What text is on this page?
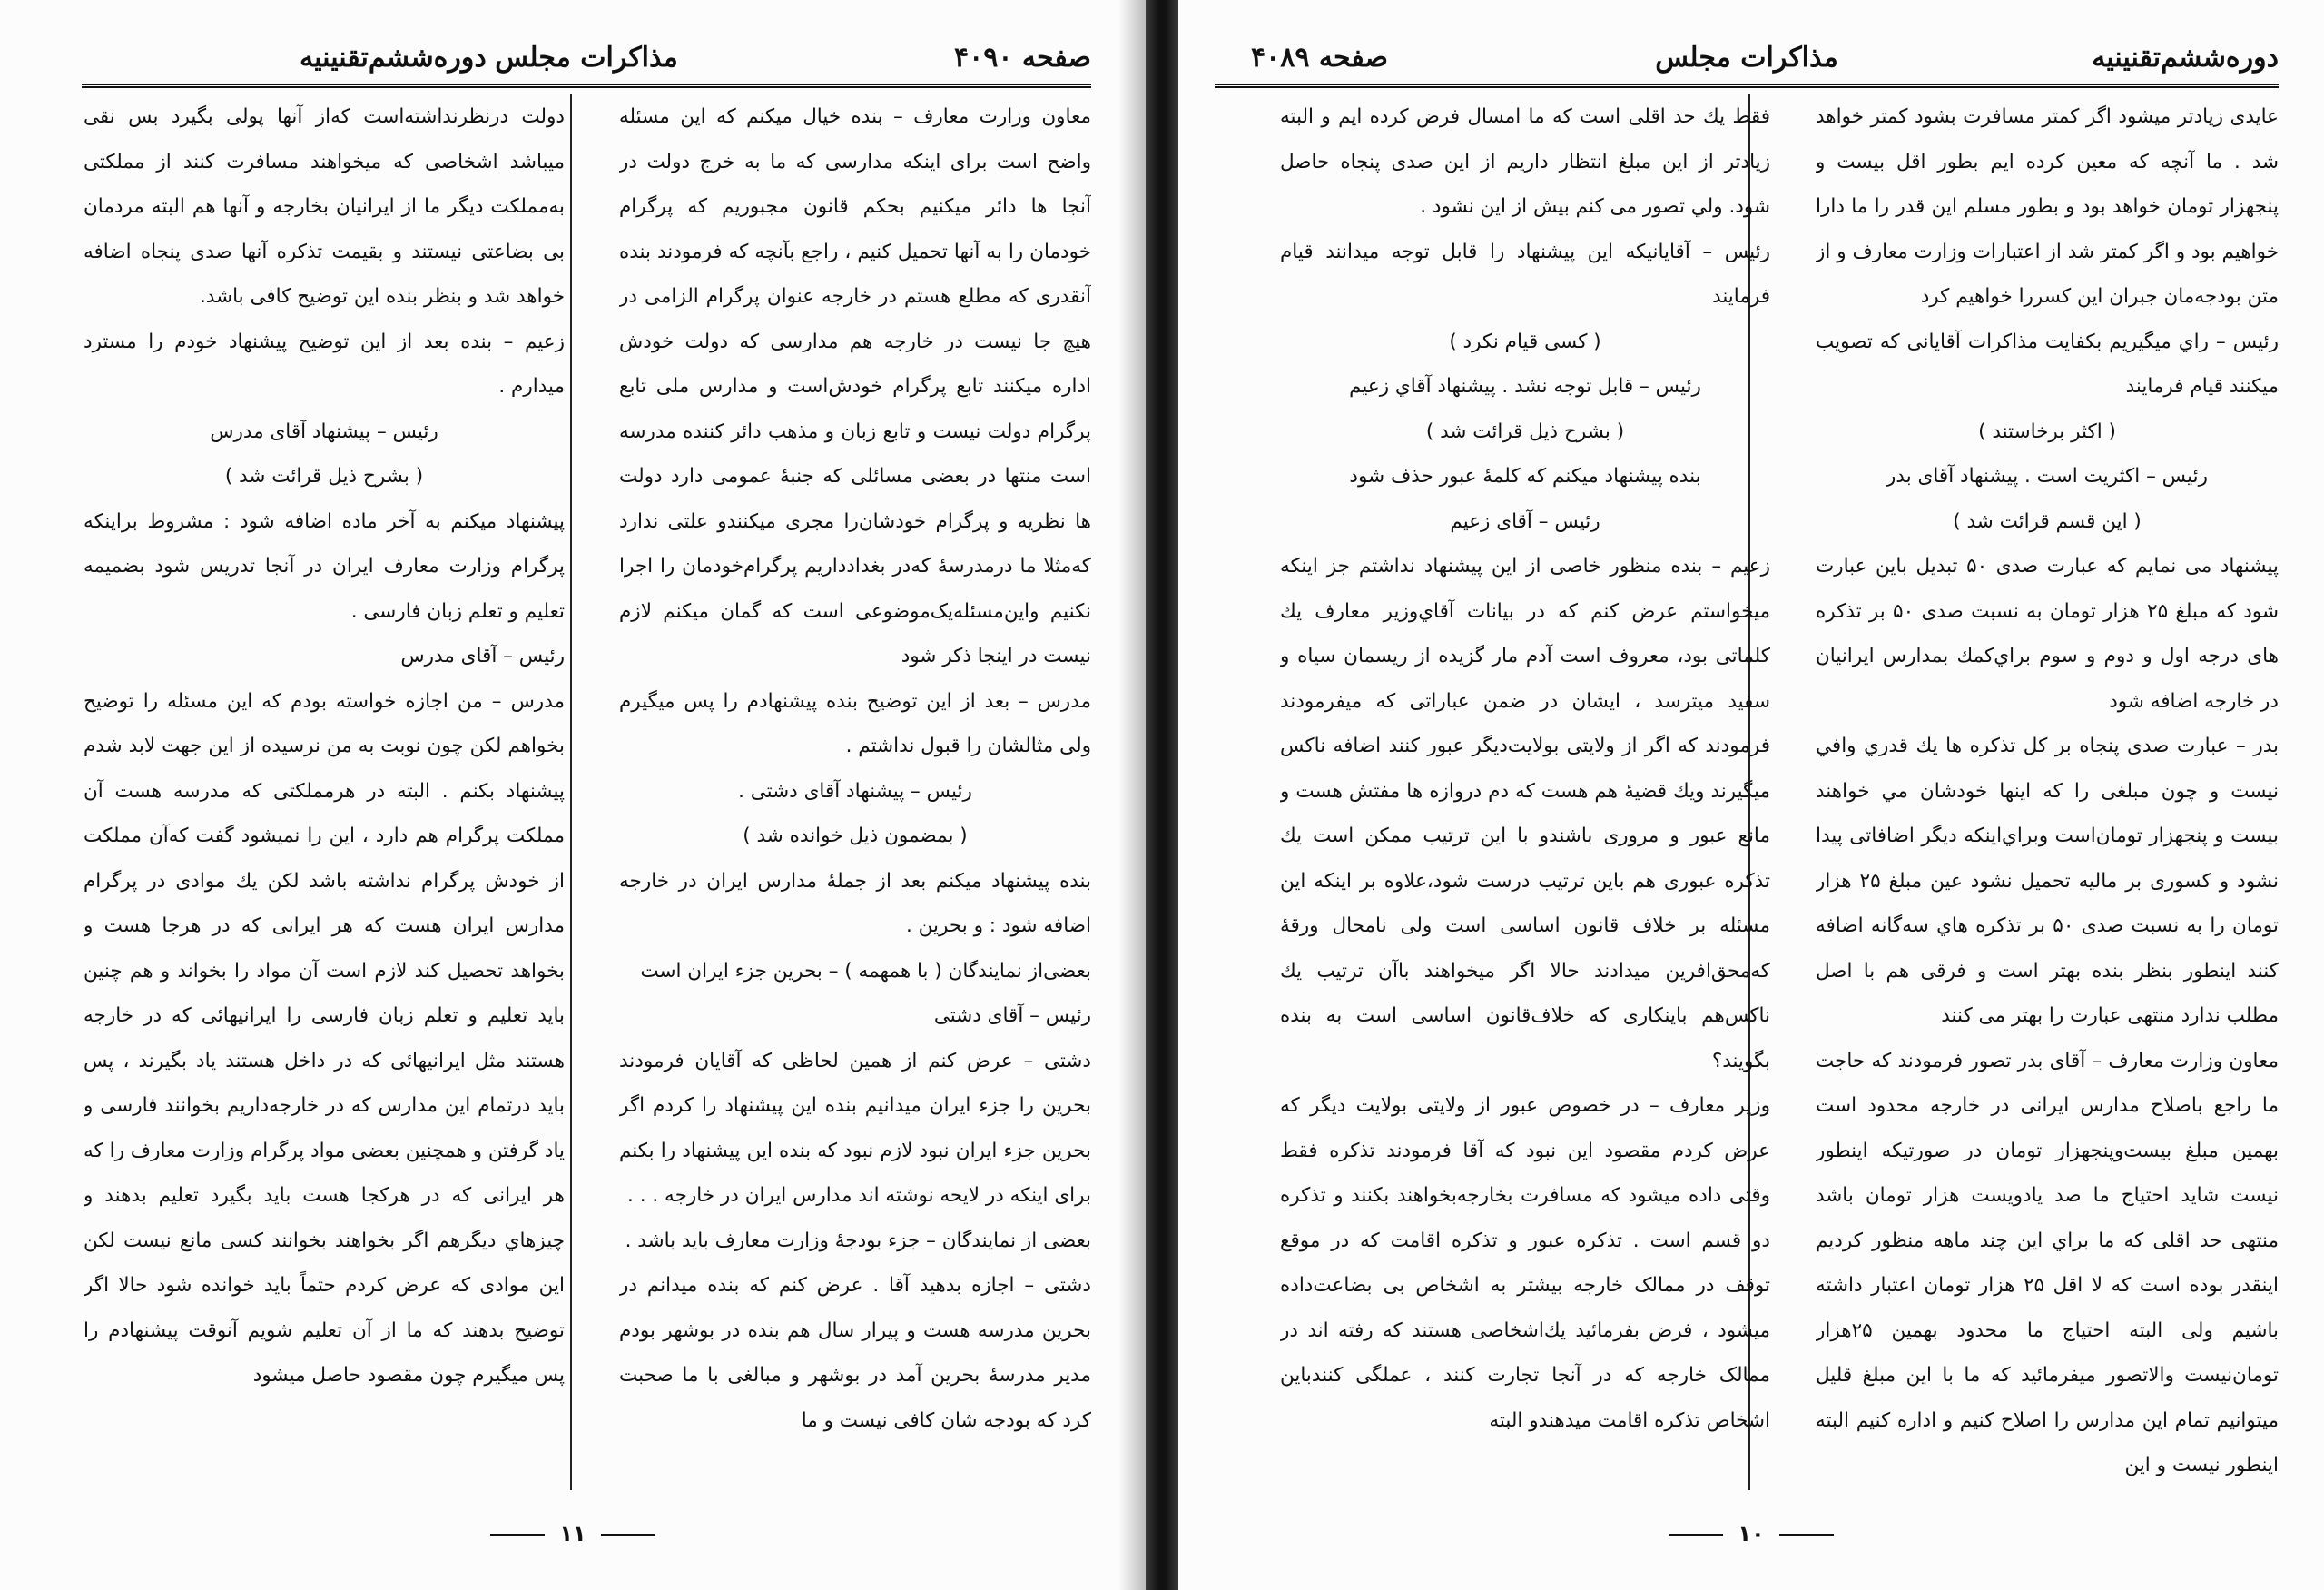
صفحه ۴۰۹۰
مذاکرات مجلس
دوره‌ششم‌تقنینیه

معاون وزارت معارف – بنده خیال میکنم که این مسئله واضح است برای اینکه مدارسی که ما به خرج دولت در آنجا ها دائر میکنیم بحکم قانون مجبوریم که پرگرام خودمان را به آنها تحمیل کنیم ، راجع بآنچه که فرمودند بنده آنقدری که مطلع هستم در خارجه عنوان پرگرام الزامی در هیچ جا نیست در خارجه هم مدارسی که دولت خودش اداره میکنند تابع پرگرام خودش‌است و مدارس ملی تابع پرگرام دولت نیست و تابع زبان و مذهب دائر کننده مدرسه است منتها در بعضی مسائلی که جنبهٔ عمومی دارد دولت ها نظریه و پرگرام خودشان‌را مجری میکنند‌و علتی ندارد که‌مثلا ما در‌مدرسهٔ که‌در بغداد‌داریم پرگرام‌خودمان را اجرا نکنیم و‌این‌مسئله‌یک‌موضوعی است که گمان میکنم لازم نیست در اینجا ذکر شود

مدرس – بعد از این توضیح بنده پیشنهادم را پس میگیرم ولی مثالشان را قبول نداشتم .

رئیس – پیشنهاد آقای دشتی .

( بمضمون ذیل خوانده شد )

بنده پیشنهاد میکنم بعد از جملهٔ مدارس ایران در خارجه اضافه شود : و بحرین .

بعضی‌از نمایندگان ( با همهمه ) – بحرین جزء ایران است

رئیس – آقای دشتی

دشتی – عرض کنم از همین لحاظی که آقایان فرمودند بحرین را جزء ایران میدانیم بنده این پیشنهاد را کردم اگر بحرین جزء ایران نبود لازم نبود که بنده این پیشنهاد را بکنم برای اینکه در لایحه نوشته اند مدارس ایران در خارجه . . .

بعضی از نمایندگان – جزء بودجهٔ وزارت معارف باید باشد .

دشتی – اجازه بدهید آقا . عرض کنم که بنده میدانم در بحرین مدرسه هست و پیرار سال هم بنده در بوشهر بودم مدیر مدرسهٔ بحرین آمد در بوشهر و مبالغی با ما صحبت کرد که بودجه شان کافی نیست و ما

دولت در‌نظر‌نداشته‌است که‌از آنها پولی بگیرد‌ بس ‌نقی میباشد اشخاصی که میخواهند مسافرت کنند از مملکتی به‌مملکت دیگر ما از ایرانیان بخارجه و آنها هم البته مردمان بی بضاعتی نیستند و بقیمت تذکره آنها صدی پنجاه اضافه خواهد شد و بنظر بنده این توضیح کافی باشد.

زعیم – بنده بعد از این توضیح پیشنهاد خودم را مسترد میدارم .

رئیس – پیشنهاد آقای مدرس

( بشرح ذیل قرائت شد )

پیشنهاد میکنم به آخر ماده اضافه شود : مشروط براینکه پرگرام وزارت معارف ایران در آنجا تدریس شود بضمیمه تعلیم و تعلم زبان فارسی .

رئیس – آقای مدرس

مدرس – من اجازه خواسته بودم که این مسئله را توضیح بخواهم لکن چون نوبت به من نرسیده از این جهت لابد شدم پیشنهاد بکنم . البته در هرمملکتی که مدرسه هست آن مملکت پرگرام هم دارد ، این را نمیشود گفت که‌آن مملکت از خودش پرگرام نداشته باشد لکن یك موادی در پرگرام مدارس ایران هست که هر ایرانی که در هرجا هست و بخواهد تحصیل کند لازم است آن مواد را بخواند و هم چنین باید تعلیم و تعلم زبان فارسی را ایرانیهائی که در خارجه هستند مثل ایرانیهائی که در داخل هستند یاد بگیرند ، پس باید در‌تمام این مدارس که در خارجه‌داریم بخوانند فارسی و یاد گرفتن و همچنین بعضی مواد پرگرام وزارت معارف را که هر ایرانی که در هرکجا هست باید بگیرد تعلیم بدهند و چیزهاي دیگرهم اگر بخواهند بخوانند کسی مانع نیست لکن این موادی که عرض کردم حتماً باید خوانده شود حالا اگر توضیح بدهند که ما از آن تعلیم شویم آنوقت پیشنهادم را پس میگیرم چون مقصود حاصل میشود

۱۱
دوره‌ششم‌تقنینیه
مذاکرات مجلس
صفحه ۴۰۸۹

عایدی زیادتر میشود اگر کمتر مسافرت بشود کمتر خواهد شد . ما آنچه که معین کرده ایم بطور اقل بیست و پنجهزار تومان خواهد بود و بطور مسلم این قدر را ما دارا خواهیم بود و اگر کمتر شد از اعتبارات وزارت معارف و از متن بودجه‌مان جبران این کسررا خواهیم کرد

رئیس – راي میگیریم بکفایت مذاکرات آقایانی که تصویب میکنند قیام فرمایند

( اکثر برخاستند )

رئیس – اکثریت است . پیشنهاد آقای بدر

( این قسم قرائت شد )

پیشنهاد می نمایم که عبارت صدی ۵۰ تبدیل باین عبارت شود که مبلغ ۲۵ هزار تومان به نسبت صدی ۵۰ بر تذکره های درجه اول و دوم و سوم براي‌کمك بمدارس ایرانیان در خارجه اضافه شود

بدر – عبارت صدی پنجاه بر کل تذکره ها یك قدري وافي نیست و چون مبلغی را که اینها خودشان مي خواهند بیست و پنجهزار تومان‌است و‌براي‌اینکه دیگر اضافاتی پیدا نشود و کسوری بر مالیه تحمیل نشود‌ عین مبلغ ۲۵ هزار تومان را به نسبت صدی ۵۰ بر تذکره هاي سه‌گانه اضافه کنند اینطور بنظر بنده بهتر است و فرقی هم با اصل مطلب ندارد منتهی عبارت را بهتر می کنند

معاون وزارت معارف – آقای بدر تصور فرمودند که حاجت ما راجع باصلاح مدارس ایرانی در خارجه محدود است بهمین مبلغ بیست‌و‌پنجهزار تومان در صورتیکه اینطور نیست شاید احتیاج ما صد یادویست هزار تومان باشد منتهی حد اقلی که ما براي این چند ماهه منظور کردیم اینقدر بوده است که لا اقل ۲۵ هزار تومان اعتبار داشته باشیم ولی البته احتیاج ما محدود بهمین ۲۵هزار تومان‌نیست والاتصور میفرمائید که ما با این مبلغ قلیل میتوانیم تمام این مدارس را اصلاح کنیم و اداره کنیم البته اینطور نیست و این

فقط یك حد اقلی است که ما امسال فرض کرده ایم و البته زیادتر از این مبلغ انتظار داریم از این صدی پنجاه حاصل شود. ولي تصور می کنم بیش از این نشود .

رئیس – آقایانیکه این پیشنهاد را قابل توجه میدانند قیام فرمایند

( کسی قیام نکرد )

رئیس – قابل توجه نشد . پیشنهاد آقاي زعیم

( بشرح ذیل قرائت شد )

بنده پیشنهاد میکنم که کلمهٔ عبور حذف شود

رئیس – آقای زعیم

زعیم – بنده منظور خاصی از این پیشنهاد نداشتم جز اینکه میخواستم عرض کنم که در بیانات آقاي‌وزیر معارف یك کلماتی بود، معروف است آدم مار گزیده از ریسمان سیاه و سفید میترسد ، ایشان در ضمن عباراتی که میفرمودند فرمودند که اگر از ولایتی بولایت‌دیگر عبور کنند اضافه ناکس میگیرند ویك قضیهٔ هم هست که دم دروازه ها مفتش هست و مانع عبور و مروری باشند‌و با این ترتیب ممکن است یك تذکره عبوری هم باین ترتیب درست شود‌،علاوه بر اینکه این مسئله بر خلاف قانون اساسی است ولی نامحال ورقهٔ که‌محق‌افرین میدادند حالا اگر میخواهند باآن ترتیب یك ناکس‌هم باینکاری که خلاف‌قانون اساسی است به بنده بگویند؟

وزیر معارف – در خصوص عبور از ولایتی بولایت دیگر که عرض کردم مقصود این نبود که آقا فرمودند تذکره فقط وقتی داده میشود که مسافرت بخارجه‌بخواهند بکنند و تذکره دو قسم است . تذکره عبور و تذکره اقامت که در موقع توقف در ممالک خارجه بیشتر به اشخاص بی بضاعت‌داده میشود ، فرض بفرمائید یك‌اشخاصی هستند که رفته اند در ممالک خارجه که در آنجا تجارت کنند ، عملگی کنند‌باین اشخاص تذکره اقامت میدهند‌و البته

۱۰
